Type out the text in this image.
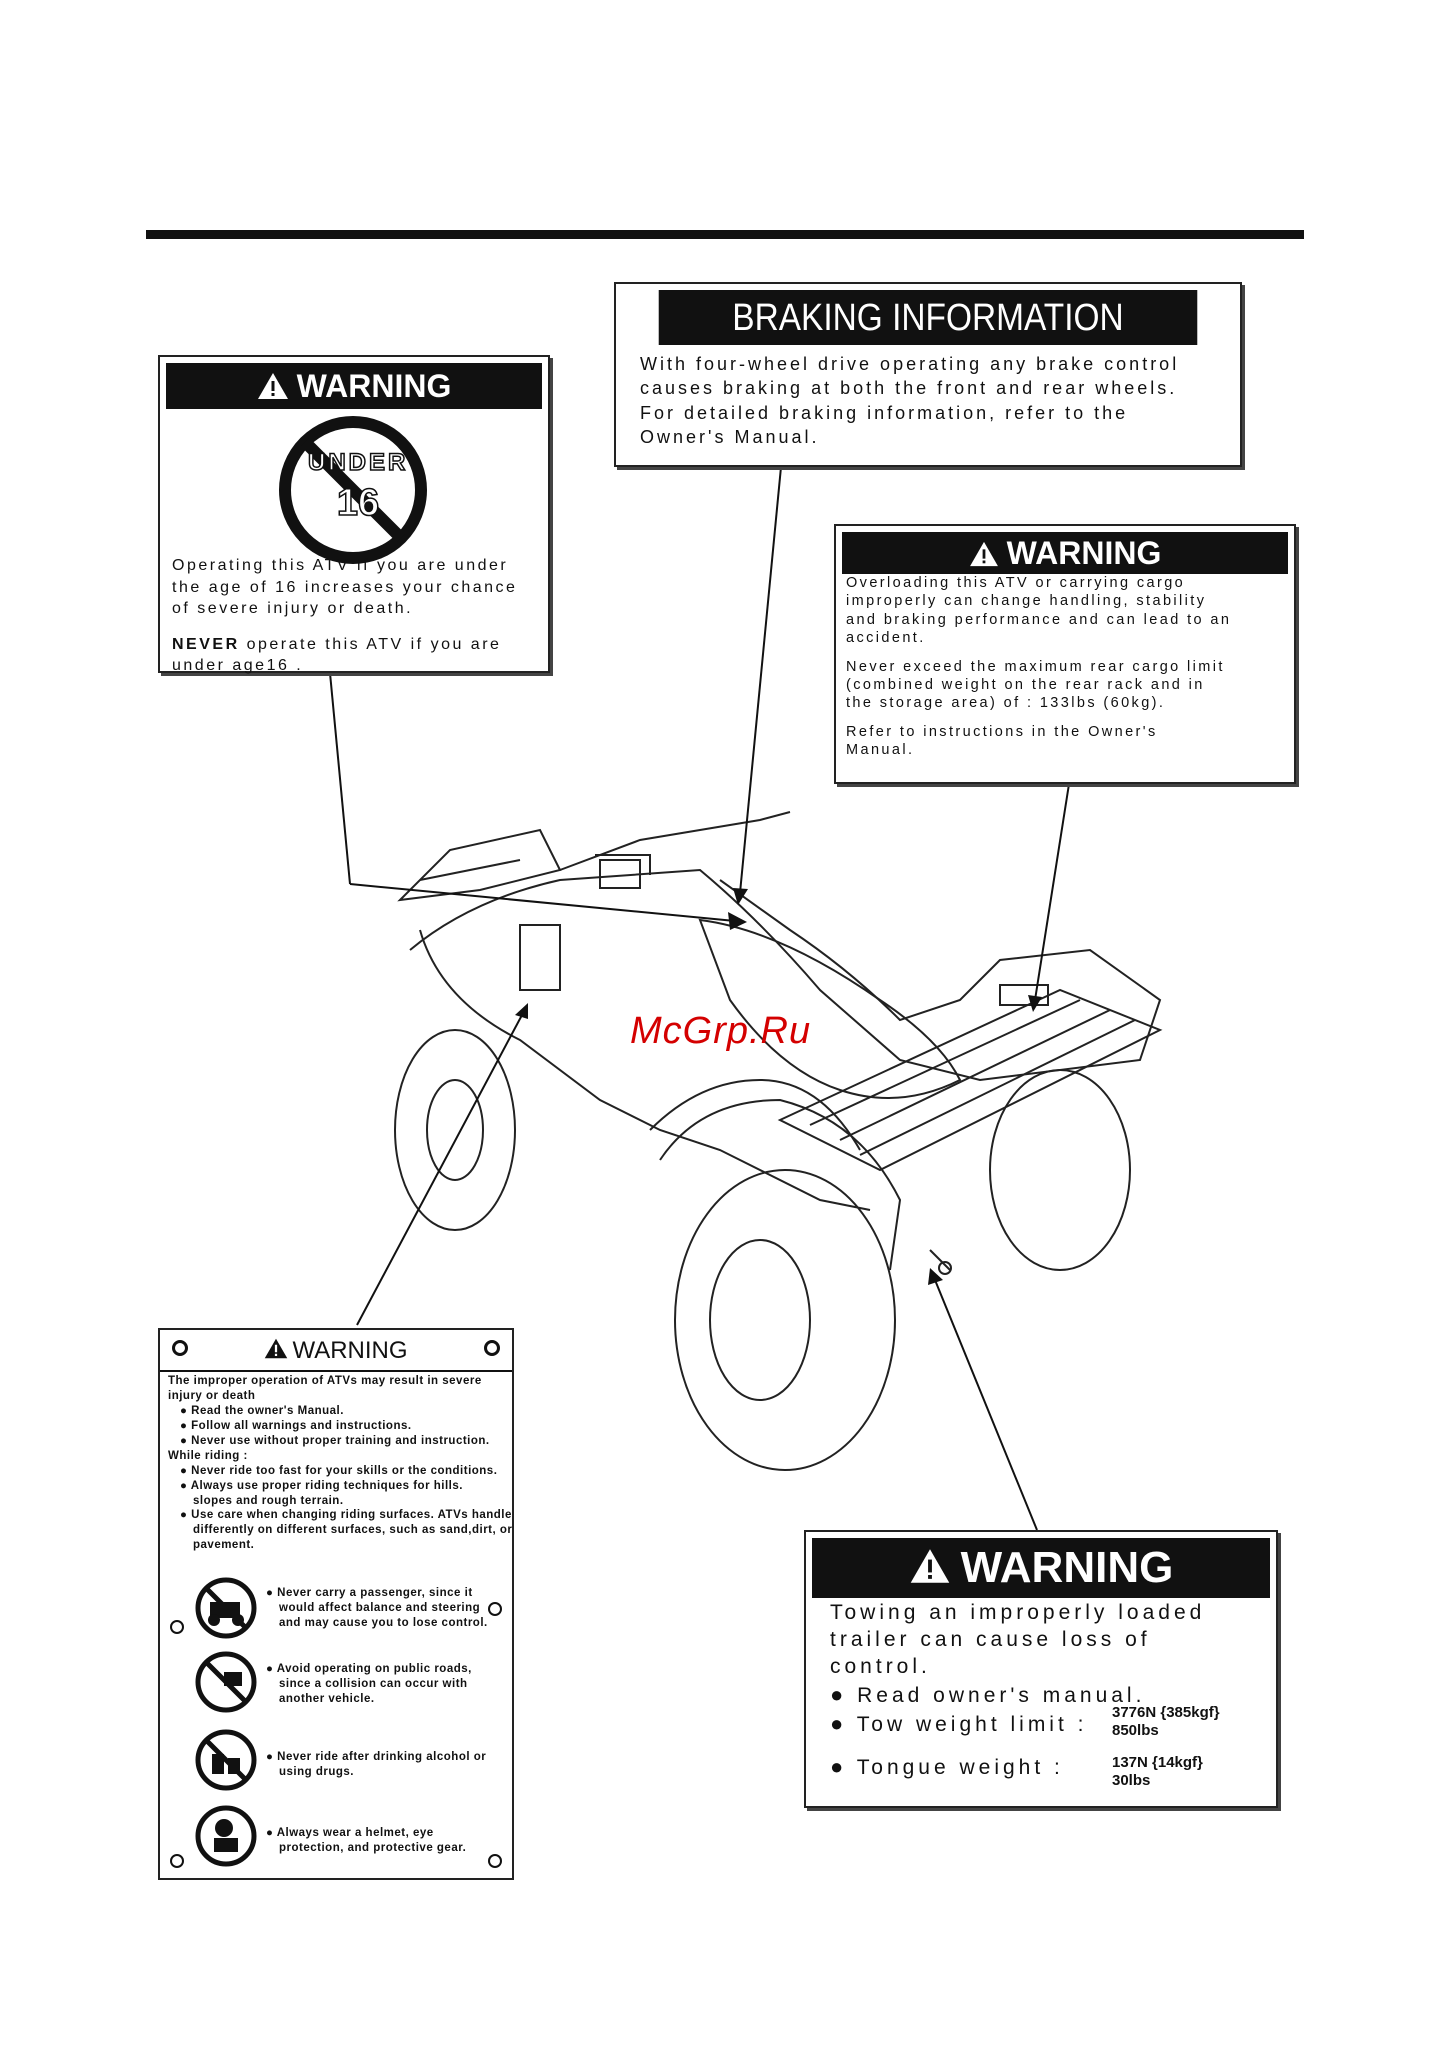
McGrp.Ru
WARNING
UNDER
16
Operating this ATV if you are under
the age of 16 increases your chance
of severe injury or death.
NEVER operate this ATV if you are
under age16 .
BRAKING INFORMATION
With four-wheel drive operating any brake control
causes braking at both the front and rear wheels.
For detailed braking information, refer to the
Owner's Manual.
WARNING
Overloading this ATV or carrying cargo
improperly can change handling, stability
and braking performance and can lead to an
accident.
Never exceed the maximum rear cargo limit
(combined weight on the rear rack and in
the storage area) of : 133lbs (60kg).
Refer to instructions in the Owner's
Manual.
WARNING
The improper operation of ATVs may result in severe
injury or death
● Read the owner's Manual.
● Follow all warnings and instructions.
● Never use without proper training and instruction.
While riding :
● Never ride too fast for your skills or the conditions.
● Always use proper riding techniques for hills.
slopes and rough terrain.
● Use care when changing riding surfaces. ATVs handle
differently on different surfaces, such as sand,dirt, or
pavement.
● Never carry a passenger, since it
would affect balance and steering
and may cause you to lose control.
● Avoid operating on public roads,
since a collision can occur with
another vehicle.
● Never ride after drinking alcohol or
using drugs.
● Always wear a helmet, eye
protection, and protective gear.
WARNING
Towing an improperly loaded
trailer can cause loss of
control.
● Read owner's manual.
● Tow weight limit :	3776N {385kgf}
850lbs
● Tongue weight :	137N {14kgf}
30lbs
